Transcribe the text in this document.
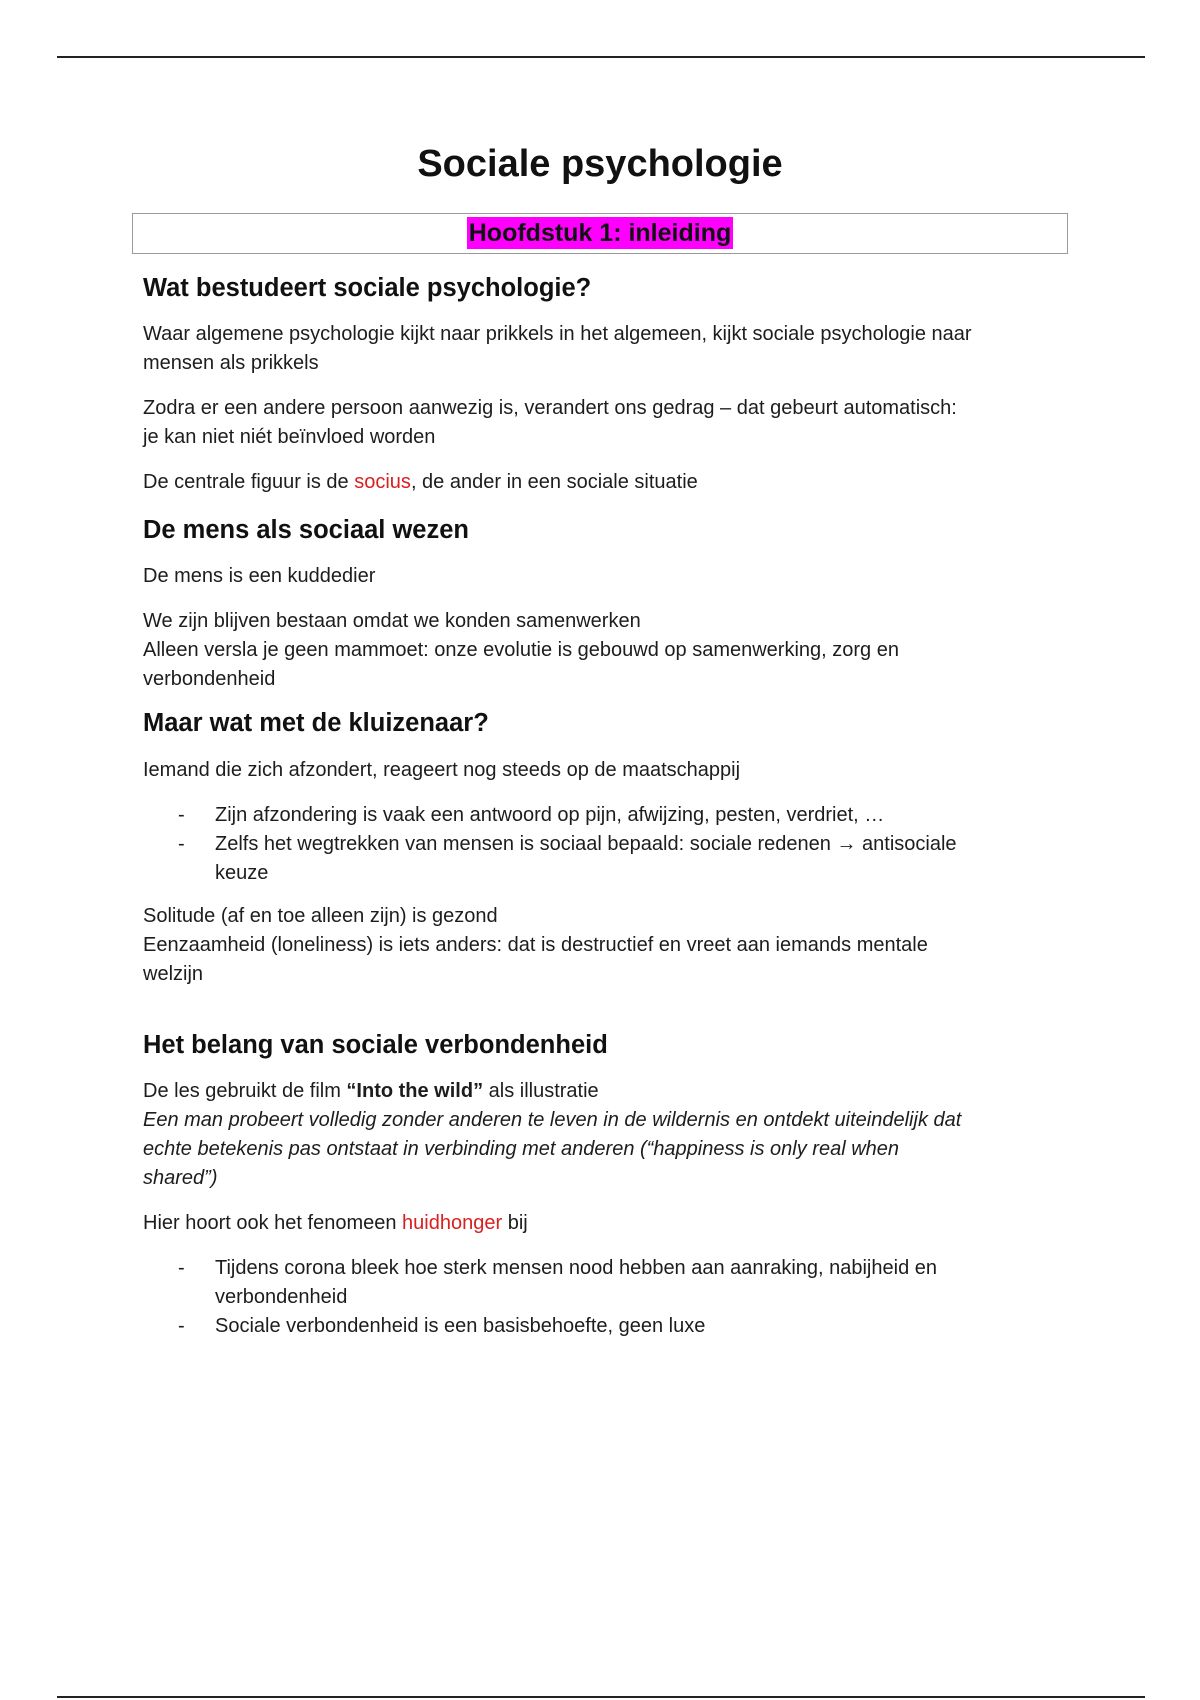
Sociale psychologie
Hoofdstuk 1: inleiding
Wat bestudeert sociale psychologie?

Waar algemene psychologie kijkt naar prikkels in het algemeen, kijkt sociale psychologie naar
mensen als prikkels

Zodra er een andere persoon aanwezig is, verandert ons gedrag – dat gebeurt automatisch:
je kan niet niét beïnvloed worden

De centrale figuur is de socius, de ander in een sociale situatie

De mens als sociaal wezen

De mens is een kuddedier

We zijn blijven bestaan omdat we konden samenwerken
Alleen versla je geen mammoet: onze evolutie is gebouwd op samenwerking, zorg en
verbondenheid

Maar wat met de kluizenaar?

Iemand die zich afzondert, reageert nog steeds op de maatschappij

- Zijn afzondering is vaak een antwoord op pijn, afwijzing, pesten, verdriet, …
- Zelfs het wegtrekken van mensen is sociaal bepaald: sociale redenen → antisociale
keuze

Solitude (af en toe alleen zijn) is gezond
Eenzaamheid (loneliness) is iets anders: dat is destructief en vreet aan iemands mentale
welzijn

Het belang van sociale verbondenheid

De les gebruikt de film “Into the wild” als illustratie
Een man probeert volledig zonder anderen te leven in de wildernis en ontdekt uiteindelijk dat
echte betekenis pas ontstaat in verbinding met anderen (“happiness is only real when
shared”)

Hier hoort ook het fenomeen huidhonger bij

- Tijdens corona bleek hoe sterk mensen nood hebben aan aanraking, nabijheid en
verbondenheid
- Sociale verbondenheid is een basisbehoefte, geen luxe
